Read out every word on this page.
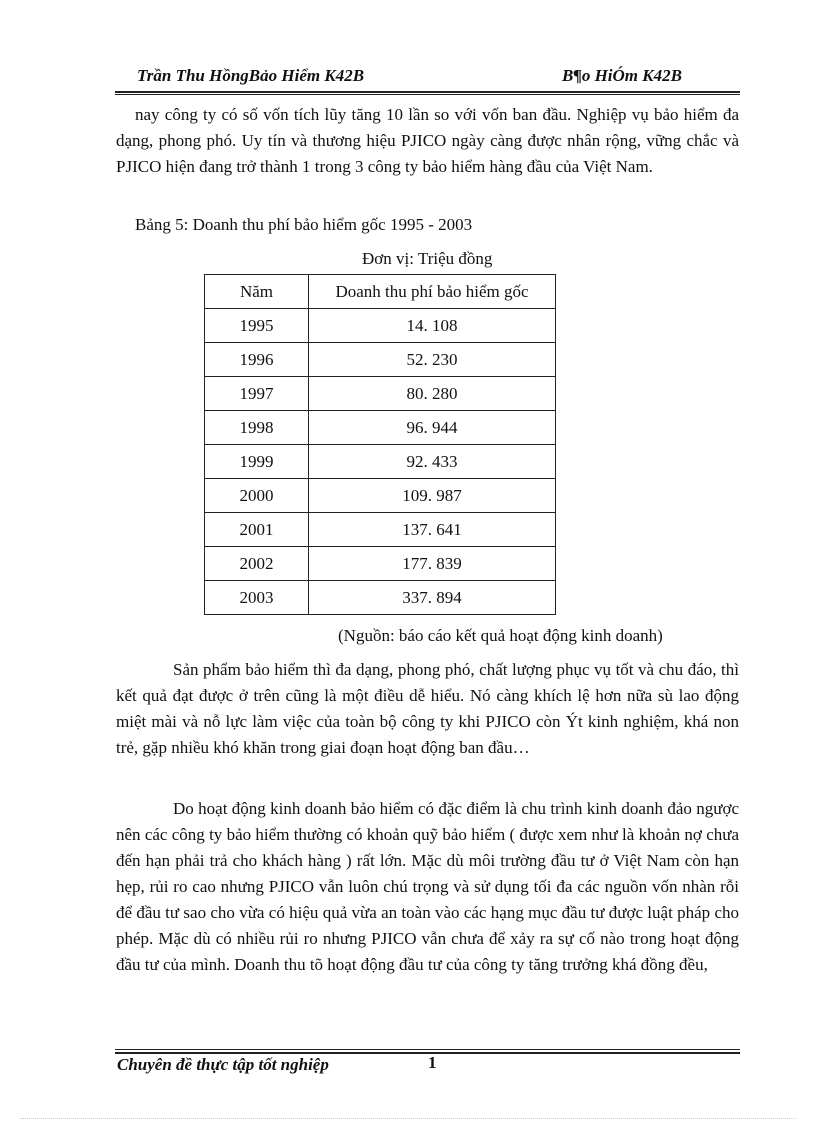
Trần Thu HồngBảo Hiểm K42B	B¶o HiÓm K42B

nay công ty có số vốn tích lũy tăng 10 lần so với vốn ban đầu. Nghiệp vụ bảo hiểm đa dạng, phong phó. Uy tín và thương hiệu PJICO ngày càng được nhân rộng, vững chắc và PJICO hiện đang trở thành 1 trong 3 công ty bảo hiểm hàng đầu của Việt Nam.

Bảng 5: Doanh thu phí bảo hiểm gốc 1995 - 2003
Đơn vị: Triệu đồng
Năm	Doanh thu phí bảo hiểm gốc
1995	14. 108
1996	52. 230
1997	80. 280
1998	96. 944
1999	92. 433
2000	109. 987
2001	137. 641
2002	177. 839
2003	337. 894
(Nguồn: báo cáo kết quả hoạt động kinh doanh)

Sản phẩm bảo hiểm thì đa dạng, phong phó, chất lượng phục vụ tốt và chu đáo, thì kết quả đạt được ở trên cũng là một điều dễ hiểu. Nó càng khích lệ hơn nữa sù lao động miệt mài và nỗ lực làm việc của toàn bộ công ty khi PJICO còn Ýt kinh nghiệm, khá non trẻ, gặp nhiều khó khăn trong giai đoạn hoạt động ban đầu…

Do hoạt động kinh doanh bảo hiểm có đặc điểm là chu trình kinh doanh đảo ngược nên các công ty bảo hiểm thường có khoản quỹ bảo hiểm ( được xem như là khoản nợ chưa đến hạn phải trả cho khách hàng ) rất lớn. Mặc dù môi trường đầu tư ở Việt Nam còn hạn hẹp, rủi ro cao nhưng PJICO vẫn luôn chú trọng và sử dụng tối đa các nguồn vốn nhàn rỗi để đầu tư sao cho vừa có hiệu quả vừa an toàn vào các hạng mục đầu tư được luật pháp cho phép. Mặc dù có nhiều rủi ro nhưng PJICO vẫn chưa để xảy ra sự cố nào trong hoạt động đầu tư của mình. Doanh thu tõ hoạt động đầu tư của công ty tăng trưởng khá đồng đều,

Chuyên đề thực tập tốt nghiệp	1
